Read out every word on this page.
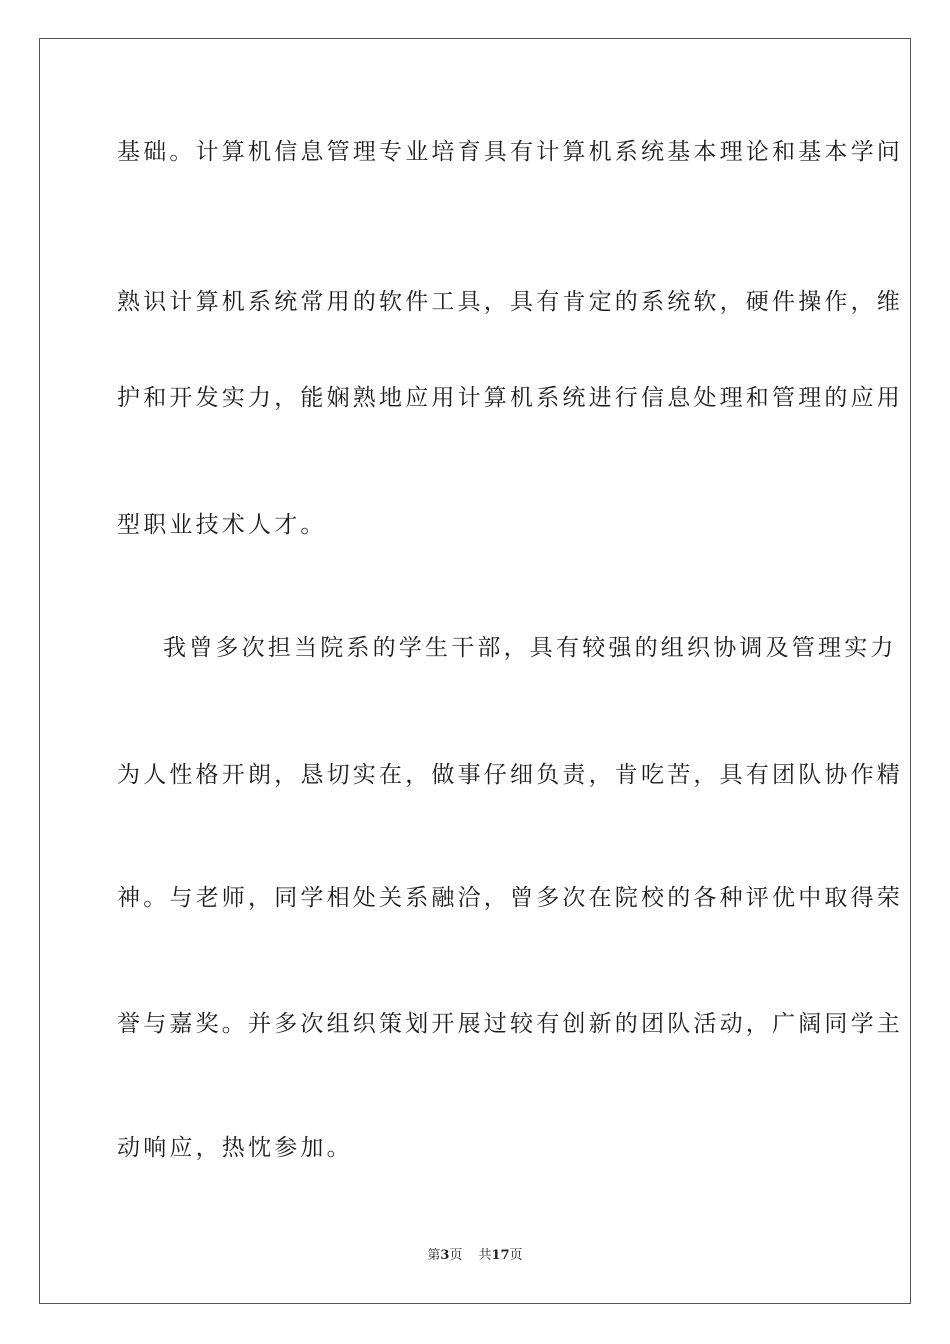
基础。计算机信息管理专业培育具有计算机系统基本理论和基本学问
熟识计算机系统常用的软件工具，具有肯定的系统软，硬件操作，维
护和开发实力，能娴熟地应用计算机系统进行信息处理和管理的应用
型职业技术人才。
我曾多次担当院系的学生干部，具有较强的组织协调及管理实力
为人性格开朗，恳切实在，做事仔细负责，肯吃苦，具有团队协作精
神。与老师，同学相处关系融洽，曾多次在院校的各种评优中取得荣
誉与嘉奖。并多次组织策划开展过较有创新的团队活动，广阔同学主
动响应，热忱参加。
第3页 共17页
